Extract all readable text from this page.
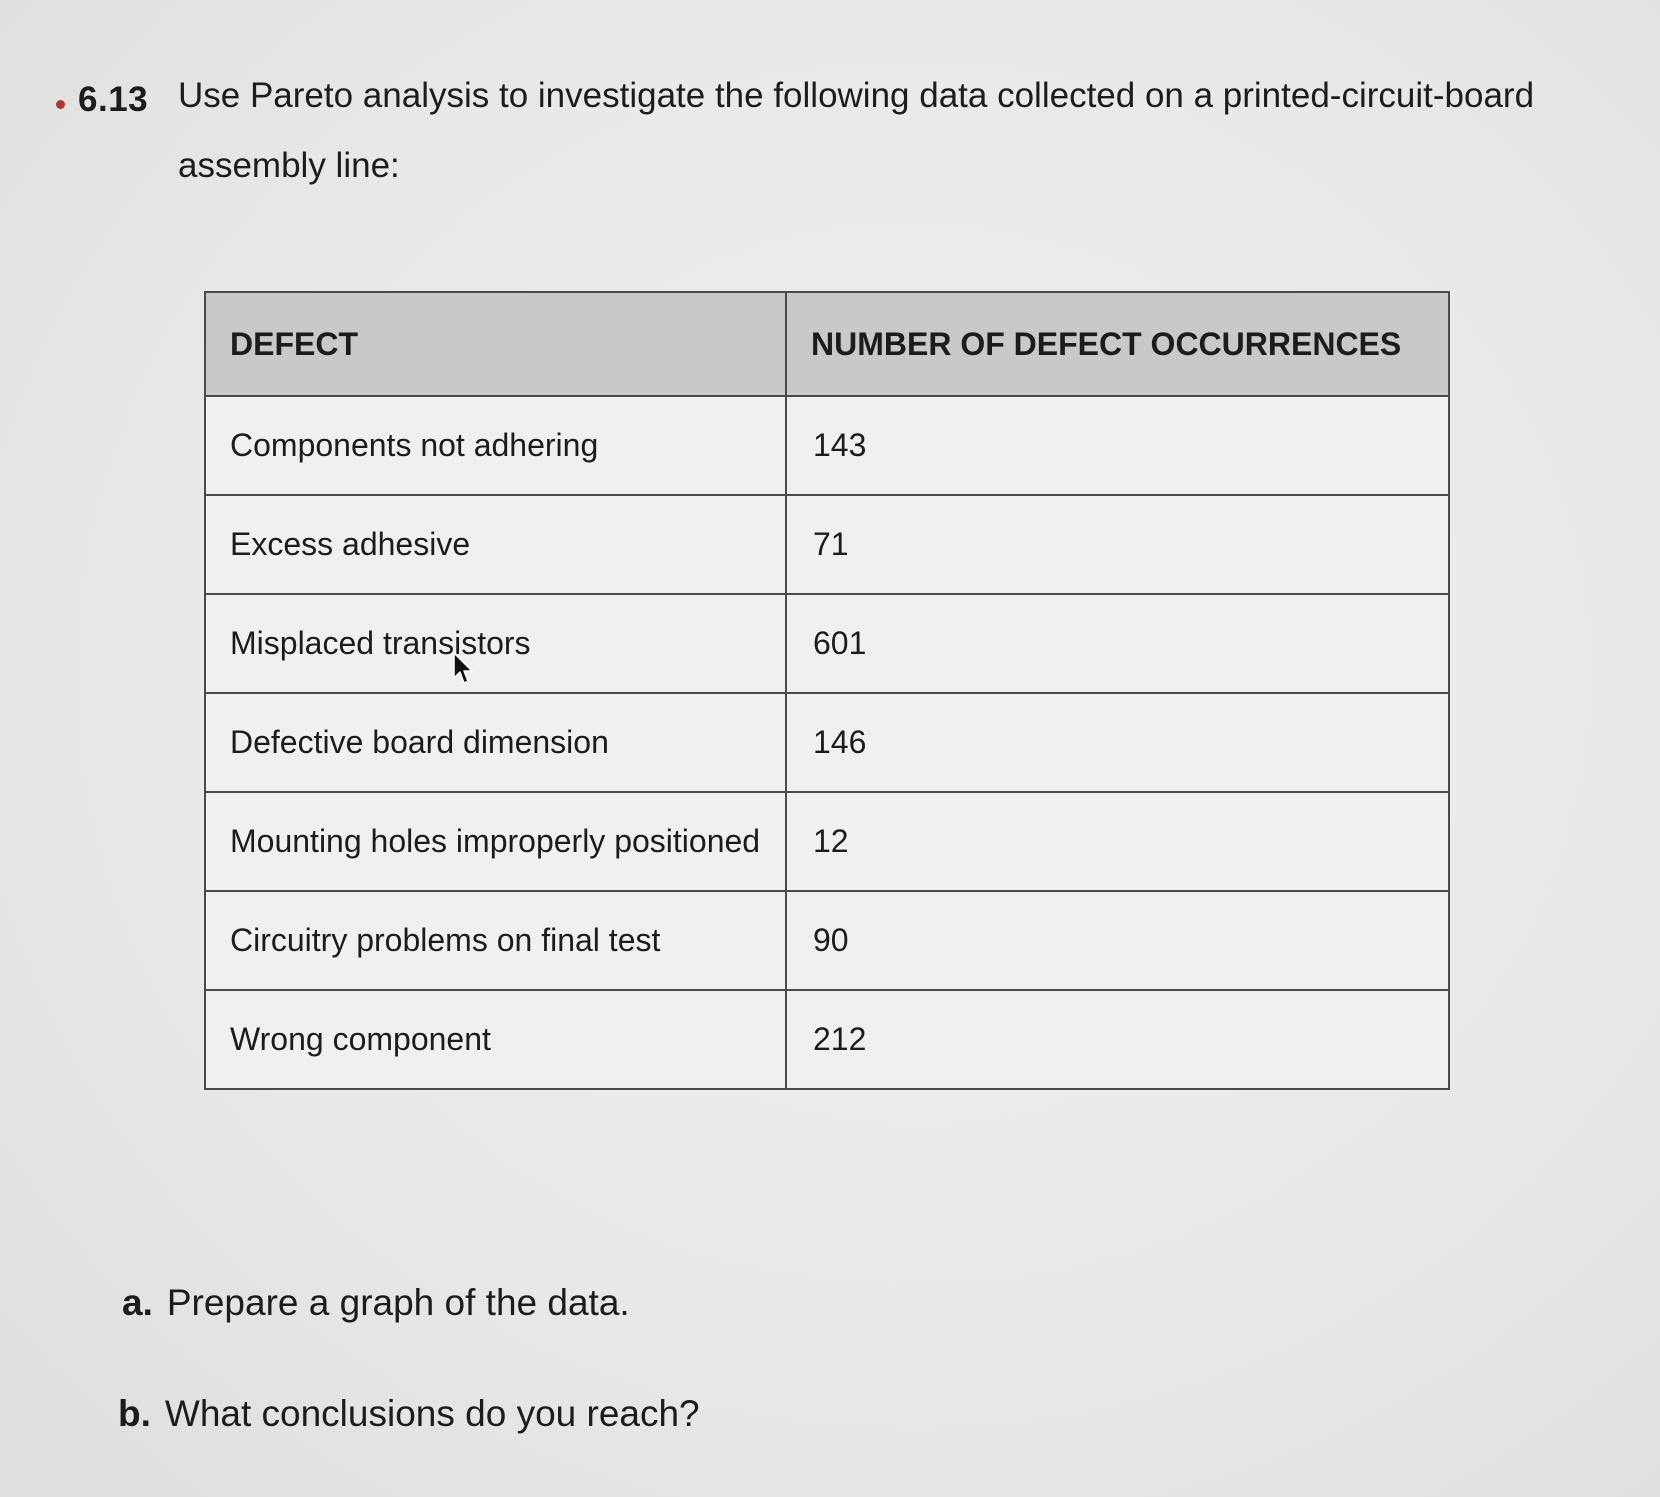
6.13 Use Pareto analysis to investigate the following data collected on a printed-circuit-board assembly line:
DEFECT	NUMBER OF DEFECT OCCURRENCES
Components not adhering	143
Excess adhesive	71
Misplaced transistors	601
Defective board dimension	146
Mounting holes improperly positioned	12
Circuitry problems on final test	90
Wrong component	212
a. Prepare a graph of the data.
b. What conclusions do you reach?
